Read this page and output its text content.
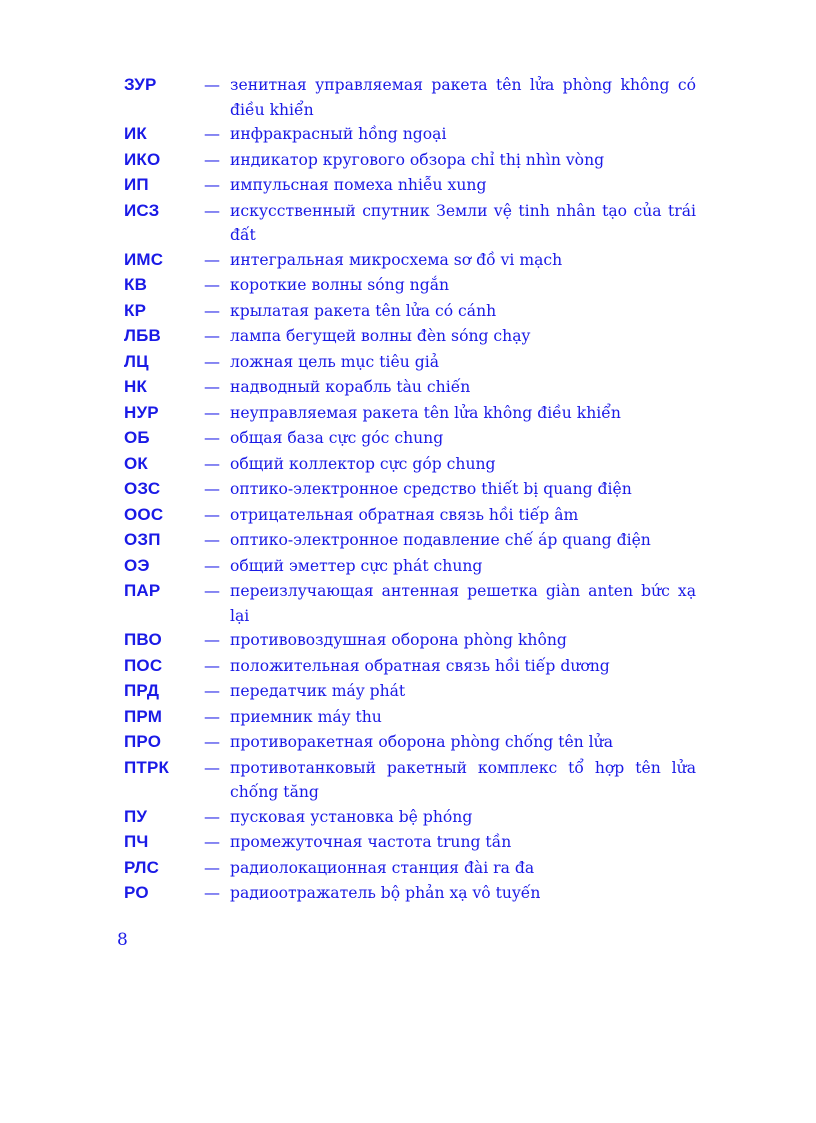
ЗУР	— зенитная управляемая ракета tên lửa phòng không có điều khiển
ИК	— инфракрасный hồng ngoại
ИКО	— индикатор кругового обзора chỉ thị nhìn vòng
ИП	— импульсная помеха nhiễu xung
ИСЗ	— искусственный спутник Земли vệ tinh nhân tạo của trái đất
ИМС	— интегральная микросхема sơ đồ vi mạch
КВ	— короткие волны sóng ngắn
КР	— крылатая ракета tên lửa có cánh
ЛБВ	— лампа бегущей волны đèn sóng chạy
ЛЦ	— ложная цель mục tiêu giả
НК	— надводный корабль tàu chiến
НУР	— неуправляемая ракета tên lửa không điều khiển
ОБ	— общая база cực góc chung
ОК	— общий коллектор cực góp chung
ОЗС	— оптико-электронное средство thiết bị quang điện
ООС	— отрицательная обратная связь hồi tiếp âm
ОЗП	— оптико-электронное подавление chế áp quang điện
ОЭ	— общий эметтер cực phát chung
ПАР	— переизлучающая антенная решетка giàn anten bức xạ lại
ПВО	— противовоздушная оборона phòng không
ПОС	— положительная обратная связь hồi tiếp dương
ПРД	— передатчик máy phát
ПРМ	— приемник máy thu
ПРО	— противоракетная оборона phòng chống tên lửa
ПТРК	— противотанковый ракетный комплекс tổ hợp tên lửa chống tăng
ПУ	— пусковая установка bệ phóng
ПЧ	— промежуточная частота trung tần
РЛС	— радиолокационная станция đài ra đa
РО	— радиоотражатель bộ phản xạ vô tuyến
8
